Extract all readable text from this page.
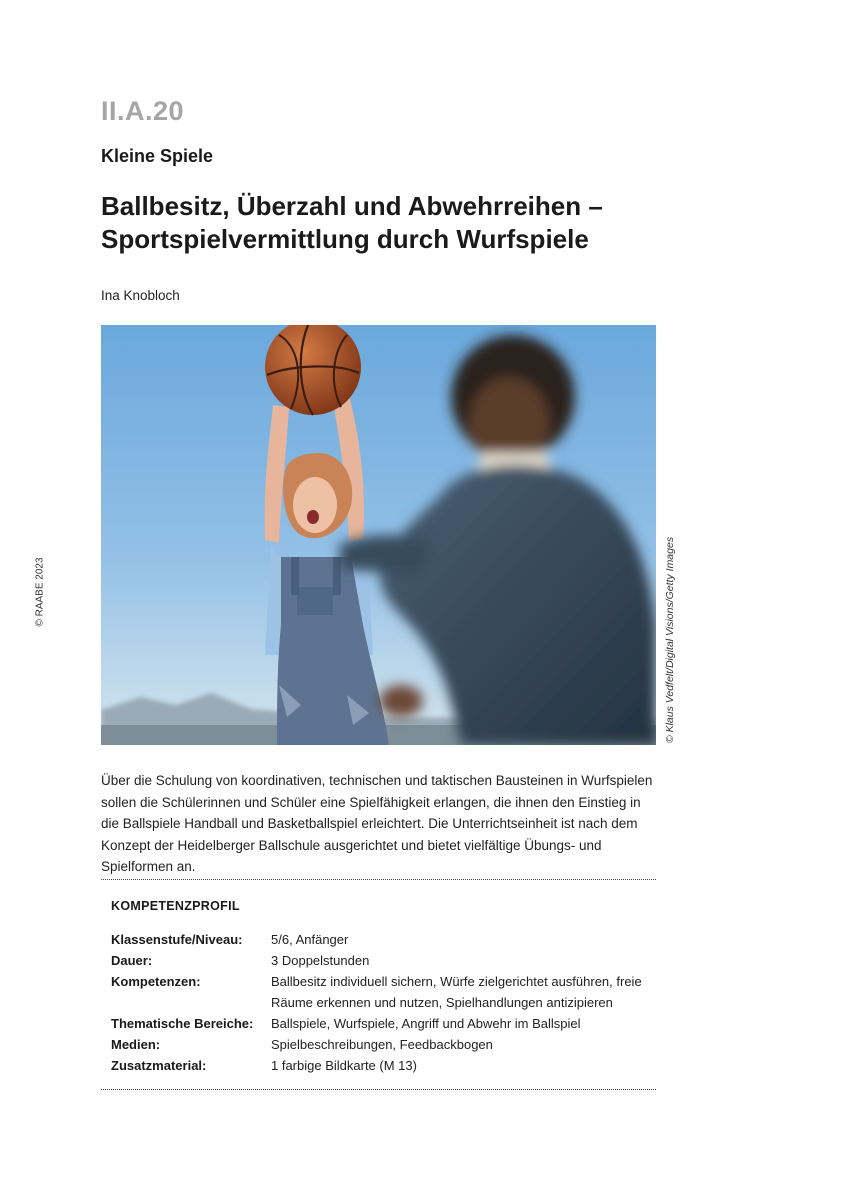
II.A.20
Kleine Spiele
Ballbesitz, Überzahl und Abwehrreihen –
Sportspielvermittlung durch Wurfspiele
Ina Knobloch
© RAABE 2023	© Klaus Vedfelt/Digital Visions/Getty Images

Über die Schulung von koordinativen, technischen und taktischen Bausteinen in Wurfspielen sollen die Schülerinnen und Schüler eine Spielfähigkeit erlangen, die ihnen den Einstieg in die Ballspiele Handball und Basketballspiel erleichtert. Die Unterrichtseinheit ist nach dem Konzept der Heidelberger Ballschule ausgerichtet und bietet vielfältige Übungs- und Spielformen an.

KOMPETENZPROFIL
Klassenstufe/Niveau:	5/6, Anfänger
Dauer:	3 Doppelstunden
Kompetenzen:	Ballbesitz individuell sichern, Würfe zielgerichtet ausführen, freie Räume erkennen und nutzen, Spielhandlungen antizipieren
Thematische Bereiche:	Ballspiele, Wurfspiele, Angriff und Abwehr im Ballspiel
Medien:	Spielbeschreibungen, Feedbackbogen
Zusatzmaterial:	1 farbige Bildkarte (M 13)
